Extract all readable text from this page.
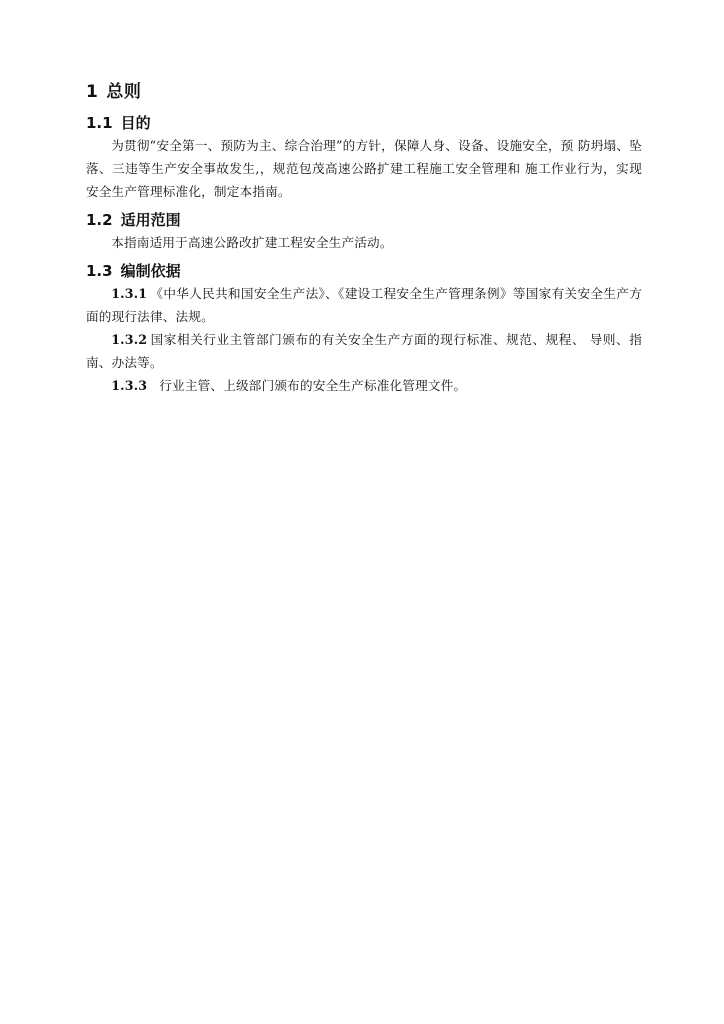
1 总则
1.1 目的

为贯彻“安全第一、预防为主、综合治理”的方针，保障人身、设备、设施安全，预 防坍塌、坠落、三违等生产安全事故发生,，规范包茂高速公路扩建工程施工安全管理和 施工作业行为，实现安全生产管理标准化，制定本指南。

1.2 适用范围

本指南适用于高速公路改扩建工程安全生产活动。

1.3 编制依据

1.3.1 《中华人民共和国安全生产法》、《建设工程安全生产管理条例》等国家有关安全生产方面的现行法律、法规。

1.3.2 国家相关行业主管部门颁布的有关安全生产方面的现行标准、规范、规程、 导则、指南、办法等。

1.3.3 行业主管、上级部门颁布的安全生产标准化管理文件。
